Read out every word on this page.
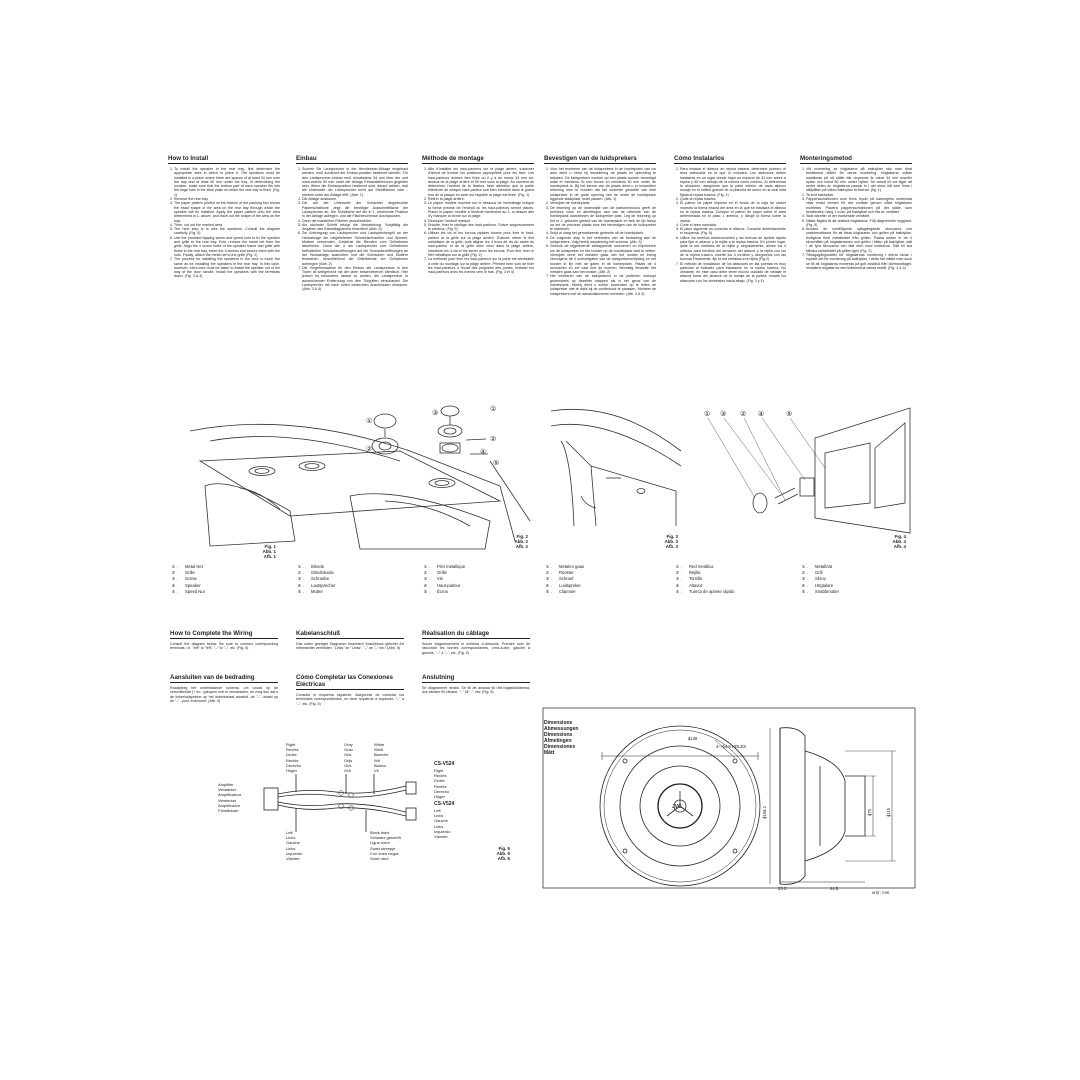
How to Install
1. To install the speaker in the rear tray, first determine the appropriate area in which to place it. The speakers must be installed in a place where there are spaces of at least 34 mm over the tray and at least 50 mm under the tray. In determining the location, make sure that the bottom part of each speaker fits into the large hole in the steel plate on which the rear tray is fixed. (Fig. 1)
2. Remove the rear tray.
3. The paper pattern printed on the bottom of the packing box shows the exact shape of the area on the rear tray through which the speaker will be installed. Apply the paper pattern onto the area determined in 1. above, and trace out the shape of the area on the tray.
4. Then, cut out the marked area.
5. The next step is to wire the speakers. Consult the diagram carefully. (Fig. 5)
6. Use the provided tapping screw and speed nuts to fix the speaker and grille to the rear tray. First, remove the metal net from the grille. Align the 4 screw holes of the speaker frame and grille with those in the rear tray, insert the 4 screws and secure them with the nuts. Finally, attach the metal net to the grille.(Fig. 2)
7. The process for installing the speakers in the door is much the same as for installing the speakers in the rear tray. In this case, however, extra care must be taken to install the speaker out of the way of the door handle. Install the speakers with the terminals down. (Fig. 3 & 4)
Einbau
1. Suchen Sie Lautsprecher in der Heckfenster-Ablage eingebaut werden, muß zunächst der Einbau-position bestimmt werden. Für den Lautsprecher-einbau muß mindestens 34 mm über der und mind-estens 50 mm unter der Ablage Einbautiefenraum gegeben sein. Wenn die Einbauposition bestimmt wird, darauf achten, daß die Unterseite der Lautsprecher nicht auf Stahlflächen oder -streben unter der Ablage trifft. (Abb. 1)
2. Die Ablage ausbauen.
3. Die auf der Unterseite der Schachtel abgedruckte Papierschablone zeigt die benötigte Ausschnittfläche der Lautsprecher an. Die Schablone auf die in 1. bestimmte Position in der Ablage auflegen, und die Flächenumrisse durchpausen.
4. Dann die markierten Flächen ausschneiden.
5. Als nächster Schritt erfolgt die Verkabelung. Sorgfältig die Angaben des Kabeldiagramms beachten! (Abb. 5)
6. Zur Anbringung von Lautsprecher und Lautsprechergrill an der Heckablage die mitgelieferten Schneidschrauben und Speziel-Muttern verwenden. Zunächst die Blenden vom Grillrahmen abnehmen. Dann die 4 am Lautsprecher und Grillrahmen befindlichen Schraubenöffnungen auf die Schraubenöffnungen an der Heckablage ausrichten und die Schrauben und Muttern festziehen. Anschließend die Gitterblende am Grillrahmen anbringen (Abb. 2)
7. Die Vorgehensweise für den Einbau der Lautsprecher in den Türen ist weitgehend mit der oben beschriebenen identisch. Hier jedoch ist besonders darauf zu achten, die Lautsprecher in ausreichender Entfernung von den Türgriffen einzubauen! Die Lautsprecher mit nach unten weisenden Anschlüssen einbauen. (Abb. 3 & 4)
Méthode de montage
1. Afin d'installer les haut-parleurs sur la plage arrière, s'assurer d'abord de trouver les positions appropriées pour les fixer. Les haut-parleurs doivent être fixés où il y a au moins 34 mm au-dessus de la plage arrière et 50 mm sous la plage. Au moment de déterminer l'endroit de la fixation, faire attention que la partie inférieure de chaque haut-parleur soit bien introduit dans le grand trou de la plaque en acier sur laquelle la plage est fixée. (Fig. 1)
2. Retirer la plage arrière.
3. Le papier modèle imprimé sur le dessous de l'emballage indique la forme précise de l'endroit où les haut-parleurs seront placés. Placer le papier modèle à l'endroit mentionné au 1. ci-dessus afin d'y marquer la forme sur la plage.
4. Découper l'endroit marqué.
5. Ensuite, fixer le câblage des haut-parleurs. Suivre soigneusement le schéma. (Fig. 5)
6. Utiliser les vis et les écrous rapides fournis pour fixer le haut-parleur et la grille sur la plage arrière. D'abord, retirer le filet métallique de la grille, puis aligner les 4 trous de vis du cadre du haut-parleur et de la grille avec ceux dans la plage arrière, introduire les 4 vis et les serrer avec les écrous. Pour finir, fixer le filet métallique sur la grille (Fig. 2)
7. La méthode pour fixer les haut-parleurs sur la porte est semblable à celle du montage sur la plage arrière. Prendre bien soin de fixer les haut-parleurs à l'écart des poignées des portes. Installer les haut-parleurs avec les bornes vers le bas. (Fig. 3 et 4)
Bevestigen van de luidsprekers
1. Voor het monteren van de luidsprekers in de hoedeplank van uw auto dient u eerst bij benadering de plaats en oplichting te bepalen. De luidsprekers moeten op een plaats worden bevestigd waar er minstens 34 mm boven en minstens 50 mm onder de hoedeplank is. Bij het kiezen van de plaats dient u er bovendien rekening mee te houden dat het onderste gedeelte van elke luidspreker in de grote opening van de onder de hoedeplank liggende staalplaat, moet passen. (Afb. 1)
2. Verwijder de hoedeplank.
3. De tekening op de onderzijde van de kartonnendoos geeft de precieze vorm en afmetingen aan van de uitsnede van de hoedeplank waarbinnen de luidspreker past. Leg de tekening op het in 1. gekozen gebied van de hoedeplank en trek de lijn framp na om de precieze plaats voor het bevestigen van de luidspreker te markeren.
4. Snijd of zaag het gemarkeerde gedeelte uit de hoedeplank.
5. De volgende stap is het verbinden van de bedrading aan de luidsprekers. Volg hierbij nauwkeurig het schema. (Afb. 5)
6. Gebruik de bijgeleverde zelftappende schroeven en klipmoeren om de luidspreker en het rooster op de hoedeplank vast te zetten. Verwijder eerst het metalen gaas van het rooster en breng vervolgens de 4 schroefgaten van de luidsprekeromlijsting en het rooster in lijn met de gaten in de hoedeplank. Plaats de 4 schroeven en zet vast met de moeren. Bevestig tenslotte het metalen gaas aan het rooster. (Afb. 2)
7. Het monteren van de luidsprekers in de portieren verloopt grotendeels op dezelfde stappen als in het geval van de hoedeplank. Hierbij dient u echter bovendien op te letten de luidspreker niet te dicht bij de portierknok te plaatsen. Monteer de luidsprekers met de aansluitklemmen beneden. (Afb. 3 & 4)
Cómo Instalarlos
1. Para instalar el altavoz en repisa trasera, determine primero el área adecuada en la que lo colocará. Los altavoces deben instalarse en un lugar donde haya un espacio de 34 mm sobre a repisa y 50 mm debajo de la misma como mínimo. Al determinar la ubicación, asegúrese que la parte inferior de cada altavoz encaje en el orificio grande de la plancha de acero en la cual está fijada la repisa trasera. (Fig. 1)
2. Quite la repisa trasera.
3. El patrón de papel impreso en el fondo de la caja de cartón muestra la forma exacta del área en la que se instalará el altavoz en la repisa trasera. Coloque el patrón de papel sobre el área determinada en el paso 1 anterior, y dibuje la forma sobre la repisa.
4. Corte el área marcada.
5. El paso siguiente es conectar el altavoz. Consulte detenidamente el esquema. (Fig. 5)
6. Utilice los tornillos autorroscantes y las tuercas de apriete rápido para fijar el altavoz y la rejilla a la repisa trasera. En primer lugar, quite la red metálica de la rejilla y, seguidamente, alinee los 4 orificios para tornillos del armazón del altavoz y la rejilla con los de la repisa trasera, inserte los 4 tornillos y asegúrelos con las tuercas.Finalmente, fije la red metálica a la rejilla (Fig.2)
7. El método de instalación de los altavoces en las puertas es muy parecido al indicado para instalarlos en la repisa trasera. No obstante, en este caso debe tener mucho cuidado de instalar el altavoz fuera del alcance de la manija de la puerta. Instale los altavoces con los terminales hacia abajo. (Fig. 3 y 4)
Monteringsmetod
1. Vid montering av högtalarna på bakhyllan ska man först bestämma stället för deras montering. Högtalarna måste installeras på ett ställe där utrymmet är minst 34 mm ovanför hyllan och minst 50 mm under hyllan. Se också till vid läget att nedre delen av högtalarna passar in i det stora hål som finns i stålplåten på vilken bakhyllan är fixerad. (fig. 1)
2. Ta bort bakhyllan.
3. Pappersschablonen som finns tryckt på kartongens undersida visar exakt formen för det område genom vilket högtalaren monteras. Placera pappersschablonen på det ställe, som bestämdes i steg 1 ovan, på bakhyllan och rita av området.
4. Skär därefter ut det markerade området.
5. Nästa åtgärd är att ansluta högtalarna. Följ diagrammet noggrant. (Fig. 5)
6. Använd de medföljande självgängande skruvarna och snabbmuttrarna för att fästa högtalaren och grillen på bakhyllan. Avlägsna först metallnätet från grillen. Passa sedan in de 4 skruvhålen på högtalarramen och grillen i hålen på bakhyllan, sätt i de fyra skruvarna och fäst dem med muttrarna. Sätt till sist tillbaka metallnätet på grillen igen (Fig. 2)
7. Tillvägagångssättet för högtalarnas montering i dörrar liknar i mycket det för montering på bakhyllan. I detta fall måste man dock se till att högtalarna monteras på gott avstånd från dörrhandtaget. Installera högtalarna med klämmorna vända nedåt. (Fig. 3 & 4)
①
②
③	①
②
④
⑤
Fig. 1
Abb. 1
Afb. 1
Fig. 2
Abb. 2
Afb. 2
Fig. 3
Abb. 3
Afb. 3
① ③ ② ④	⑤
Fig. 4
Abb. 4
Afb. 4
① . Metal Net
② . Grille
③ . Screw
④ . Speaker
⑤ . Speed Nut
① . Blende
② . Gitterblende
③ . Schraube
④ . Lautsprecher
⑤ . Mutter
① . Filet métallique
② . Grille
③ . Vis
④ . Haut-parleur
⑤ . Écrou
① . Metalen gaas
② . Rooster
③ . Schroef
④ . Luidspreker
⑤ . Clipmoer
① . Red metálica
② . Rejilla
③ . Tornillo
④ . Altavoz
⑤ . Tuerca de apriete rápido
① . Metallnät
② . Grill
③ . Skruv
④ . Högtalare
⑤ . Snabbmutter
How to Complete the Wiring

Consult the diagram below. Be sure to connect corresponding terminals, i.e. "left" to "left", "–" to "–", etc. (Fig. 5)

Kabelanschluß

Das unten gezeigte Diagramm beachten! Anschlüsse gleicher Art miteinander verbinden: "Links" an "Links", "–" an "–" etc.! (Abb. 5)

Réalisation du câblage

Suivre soigneusement le schéma ci-dessous. Prendre soin de raccorder les bornes correspondantes, c'est-à-dire, gauche à gauche, "–" à "–", etc. (Fig. 5)

Aansluiten van de bedrading

Raadpleeg het onderstaande schema. Let vooral op de verschillende (+ en –)pluspen met te verwisselen, en zorg dus dat u de linkerluidspreker op het linkerkanaal aansluit, de "–" -draad op de "–" -pool, enzovoort. (Afb. 5)

Cómo Completar las Conexiones Eléctricas

Consulte el esquema siguiente. Asegúrese de conectar los terminales correspondientes, es decir izquierdo a izquierdo, "–" a "–", etc. (Fig. 5)

Anslutning

Se diagrammet nedan. Se till att ansluta till rätt högtalarklämma, dvs vänster till vänster, "–" till "–" osv. (Fig. 5)

Right
Rechts
Droite
Rechts
Derecho
Höger
Gray
Grau
Gris
Grijs
Gris
Grå
White
Weiß
Blanche
Wit
Blanco
Vit
CS-V524
Right
Rechts
Droite
Rechts
Derecho
Höger
Amplifier
Verstärker
Amplificateur
Versterker
Amplificador
Förstärkare
CS-V524
Left
Links
Gauche
Links
Izquierdo
Vänster
Left
Links
Gauche
Links
Izquierdo
Vänster
Black lined
Schwarz gestreift
Ligne noire
Zwart streepje
Con línea negra
Svart rand
Fig. 5
Abb. 5
Afb. 5
Dimensions
Abmessungen
Dimensions
Afmetingen
Dimensiones
Mått
ϕ138
4—ϕ4.5 HOLES
JVC	ϕ168.2	ϕ75	ϕ115
23.3	44.5
unit : mm
